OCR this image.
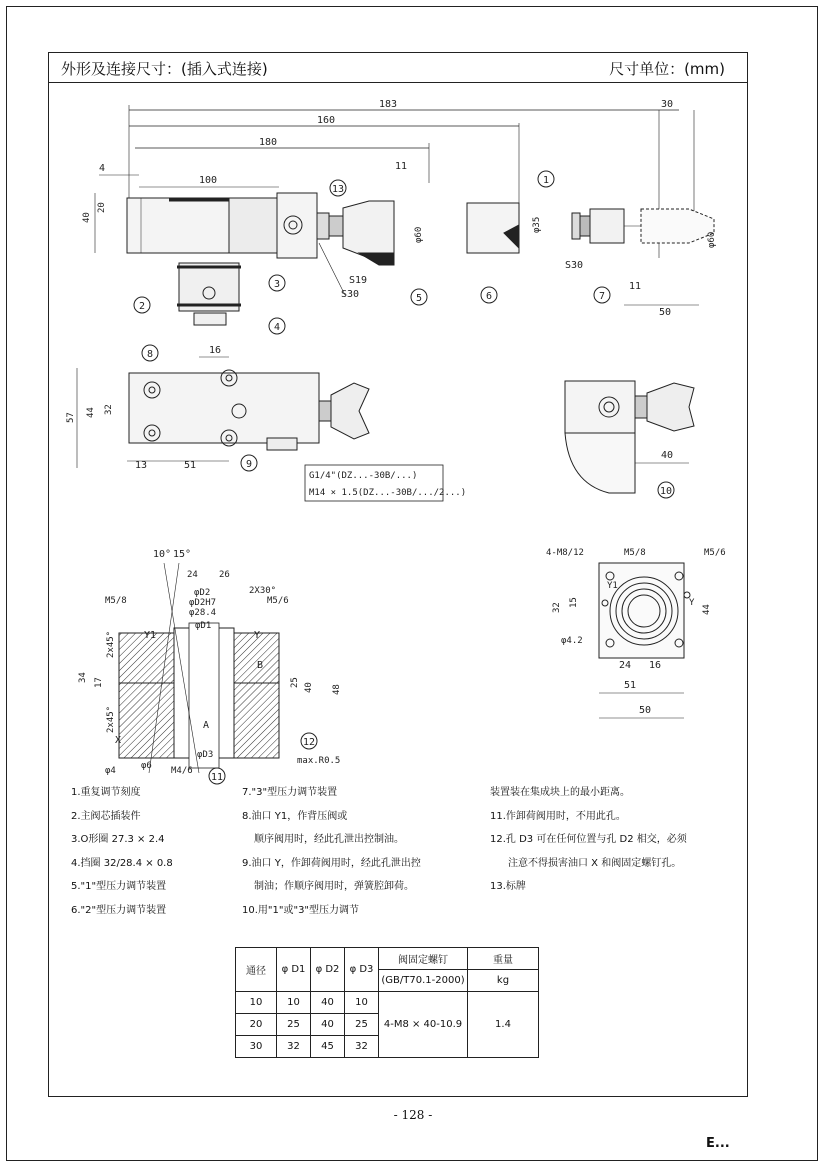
外形及连接尺寸：(插入式连接)	尺寸单位：(mm)
183
160
180
30
4
100
11
20
40
φ60
S19
S30
13
2
3
4
5	6	7
1
φ35
S30
11
50
φ60
16
57 44 32
13	51
G1/4"(DZ...-30B/...)
M14 × 1.5(DZ...-30B/.../2...)
8
9
40
10
10° 15°
24 26
2X30°
M5/8	M5/6
φD2
φD2H7
φ28.4
φD1
2x45°
34 17
2x45°
X
Y
Y1
B
A
φ4	φ6 M4/6
φD3
max.R0.5
40 48
25
12
11
4-M8/12	M5/8	M5/6
Y1
Y
32 15
44
φ4.2
24 16
51
50
1.重复调节刻度
2.主阀芯插装件
3.O形圈 27.3 × 2.4
4.挡圈 32/28.4 × 0.8
5."1"型压力调节装置
6."2"型压力调节装置
7."3"型压力调节装置
8.油口 Y1，作背压阀或
顺序阀用时，经此孔泄出控制油。
9.油口 Y，作卸荷阀用时，经此孔泄出控
制油；作顺序阀用时，弹簧腔卸荷。
10.用"1"或"3"型压力调节
装置装在集成块上的最小距离。
11.作卸荷阀用时，不用此孔。
12.孔 D3 可在任何位置与孔 D2 相交，必须
注意不得损害油口 X 和阀固定螺钉孔。
13.标牌
通径	φ D1	φ D2	φ D3	阀固定螺钉	重量
				(GB/T70.1-2000)	kg
10	10	40	10	4-M8 × 40-10.9	1.4
20	25	40	25		
30	32	45	32		
- 128 -
E...
